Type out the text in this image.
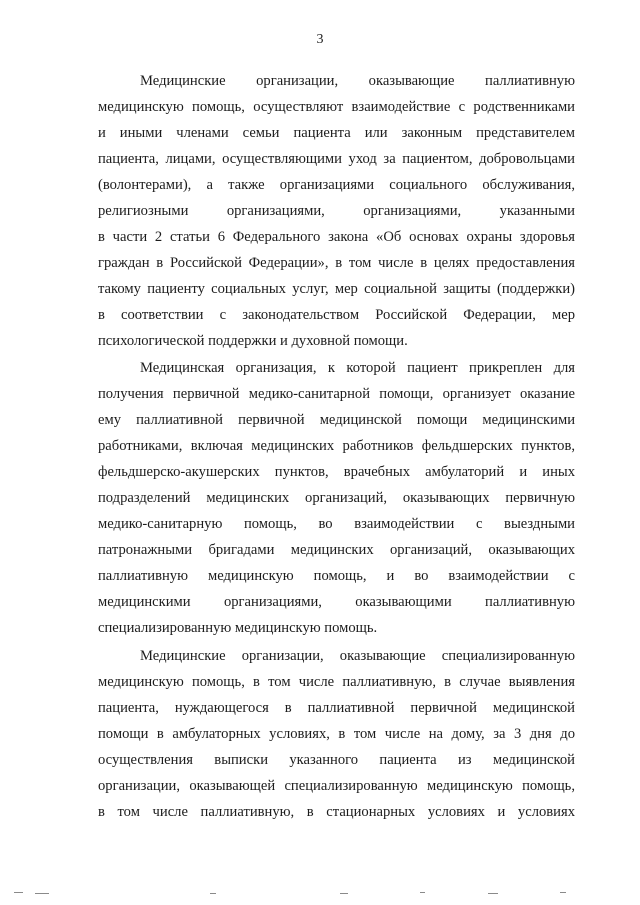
3
Медицинские организации, оказывающие паллиативную
медицинскую помощь, осуществляют взаимодействие с родственниками
и иными членами семьи пациента или законным представителем
пациента, лицами, осуществляющими уход за пациентом, добровольцами
(волонтерами), а также организациями социального обслуживания,
религиозными организациями, организациями, указанными
в части 2 статьи 6 Федерального закона «Об основах охраны здоровья
граждан в Российской Федерации», в том числе в целях предоставления
такому пациенту социальных услуг, мер социальной защиты (поддержки)
в соответствии с законодательством Российской Федерации, мер
психологической поддержки и духовной помощи.
Медицинская организация, к которой пациент прикреплен для
получения первичной медико-санитарной помощи, организует оказание
ему паллиативной первичной медицинской помощи медицинскими
работниками, включая медицинских работников фельдшерских пунктов,
фельдшерско-акушерских пунктов, врачебных амбулаторий и иных
подразделений медицинских организаций, оказывающих первичную
медико-санитарную помощь, во взаимодействии с выездными
патронажными бригадами медицинских организаций, оказывающих
паллиативную медицинскую помощь, и во взаимодействии с
медицинскими организациями, оказывающими паллиативную
специализированную медицинскую помощь.
Медицинские организации, оказывающие специализированную
медицинскую помощь, в том числе паллиативную, в случае выявления
пациента, нуждающегося в паллиативной первичной медицинской
помощи в амбулаторных условиях, в том числе на дому, за 3 дня до
осуществления выписки указанного пациента из медицинской
организации, оказывающей специализированную медицинскую помощь,
в том числе паллиативную, в стационарных условиях и условиях
